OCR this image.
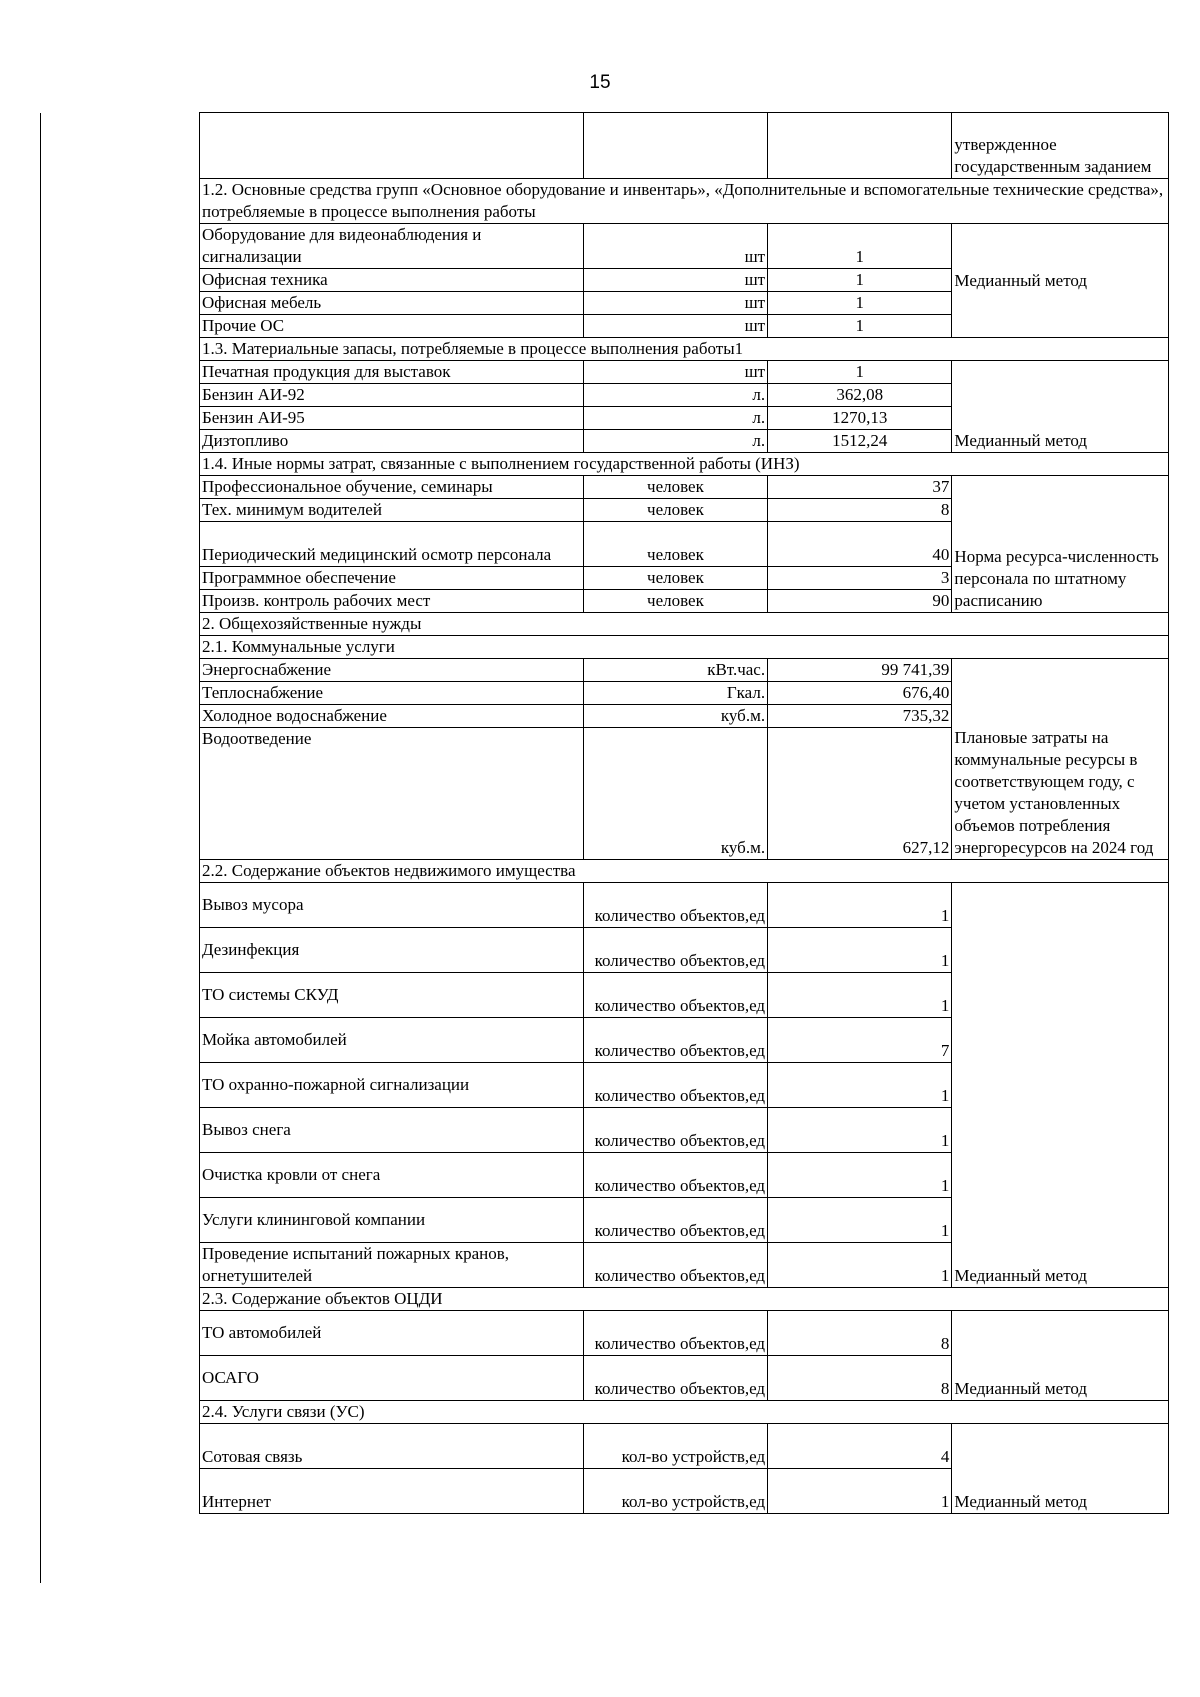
15
			утвержденное государственным заданием
1.2. Основные средства групп «Основное оборудование и инвентарь», «Дополнительные и вспомогательные технические средства», потребляемые в процессе выполнения работы			
Оборудование для видеонаблюдения и сигнализации	шт	1	Медианный метод
Офисная техника	шт	1	
Офисная мебель	шт	1	
Прочие ОС	шт	1	
1.3. Материальные запасы, потребляемые в процессе выполнения работы1			
Печатная продукция для выставок	шт	1	Медианный метод
Бензин АИ-92	л.	362,08	
Бензин АИ-95	л.	1270,13	
Дизтопливо	л.	1512,24	
1.4. Иные нормы затрат, связанные с выполнением государственной работы (ИНЗ)			
Профессиональное обучение, семинары	человек	37	Норма ресурса-численность персонала по штатному расписанию
Тех. минимум водителей	человек	8	
Периодический медицинский осмотр персонала	человек	40	
Программное обеспечение	человек	3	
Произв. контроль рабочих мест	человек	90	
2. Общехозяйственные нужды			
2.1. Коммунальные услуги			
Энергоснабжение	кВт.час.	99 741,39	Плановые затраты на коммунальные ресурсы в соответствующем году, с учетом установленных объемов потребления энергоресурсов на 2024 год
Теплоснабжение	Гкал.	676,40	
Холодное водоснабжение	куб.м.	735,32	
Водоотведение	куб.м.	627,12	
2.2. Содержание объектов недвижимого имущества			
Вывоз мусора	количество объектов,ед	1	Медианный метод
Дезинфекция	количество объектов,ед	1	
ТО системы СКУД	количество объектов,ед	1	
Мойка автомобилей	количество объектов,ед	7	
ТО охранно-пожарной сигнализации	количество объектов,ед	1	
Вывоз снега	количество объектов,ед	1	
Очистка кровли от снега	количество объектов,ед	1	
Услуги клининговой компании	количество объектов,ед	1	
Проведение испытаний пожарных кранов, огнетушителей	количество объектов,ед	1	
2.3. Содержание объектов ОЦДИ			
ТО автомобилей	количество объектов,ед	8	Медианный метод
ОСАГО	количество объектов,ед	8	
2.4. Услуги связи (УС)			
Сотовая связь	кол-во устройств,ед	4	Медианный метод
Интернет	кол-во устройств,ед	1	
